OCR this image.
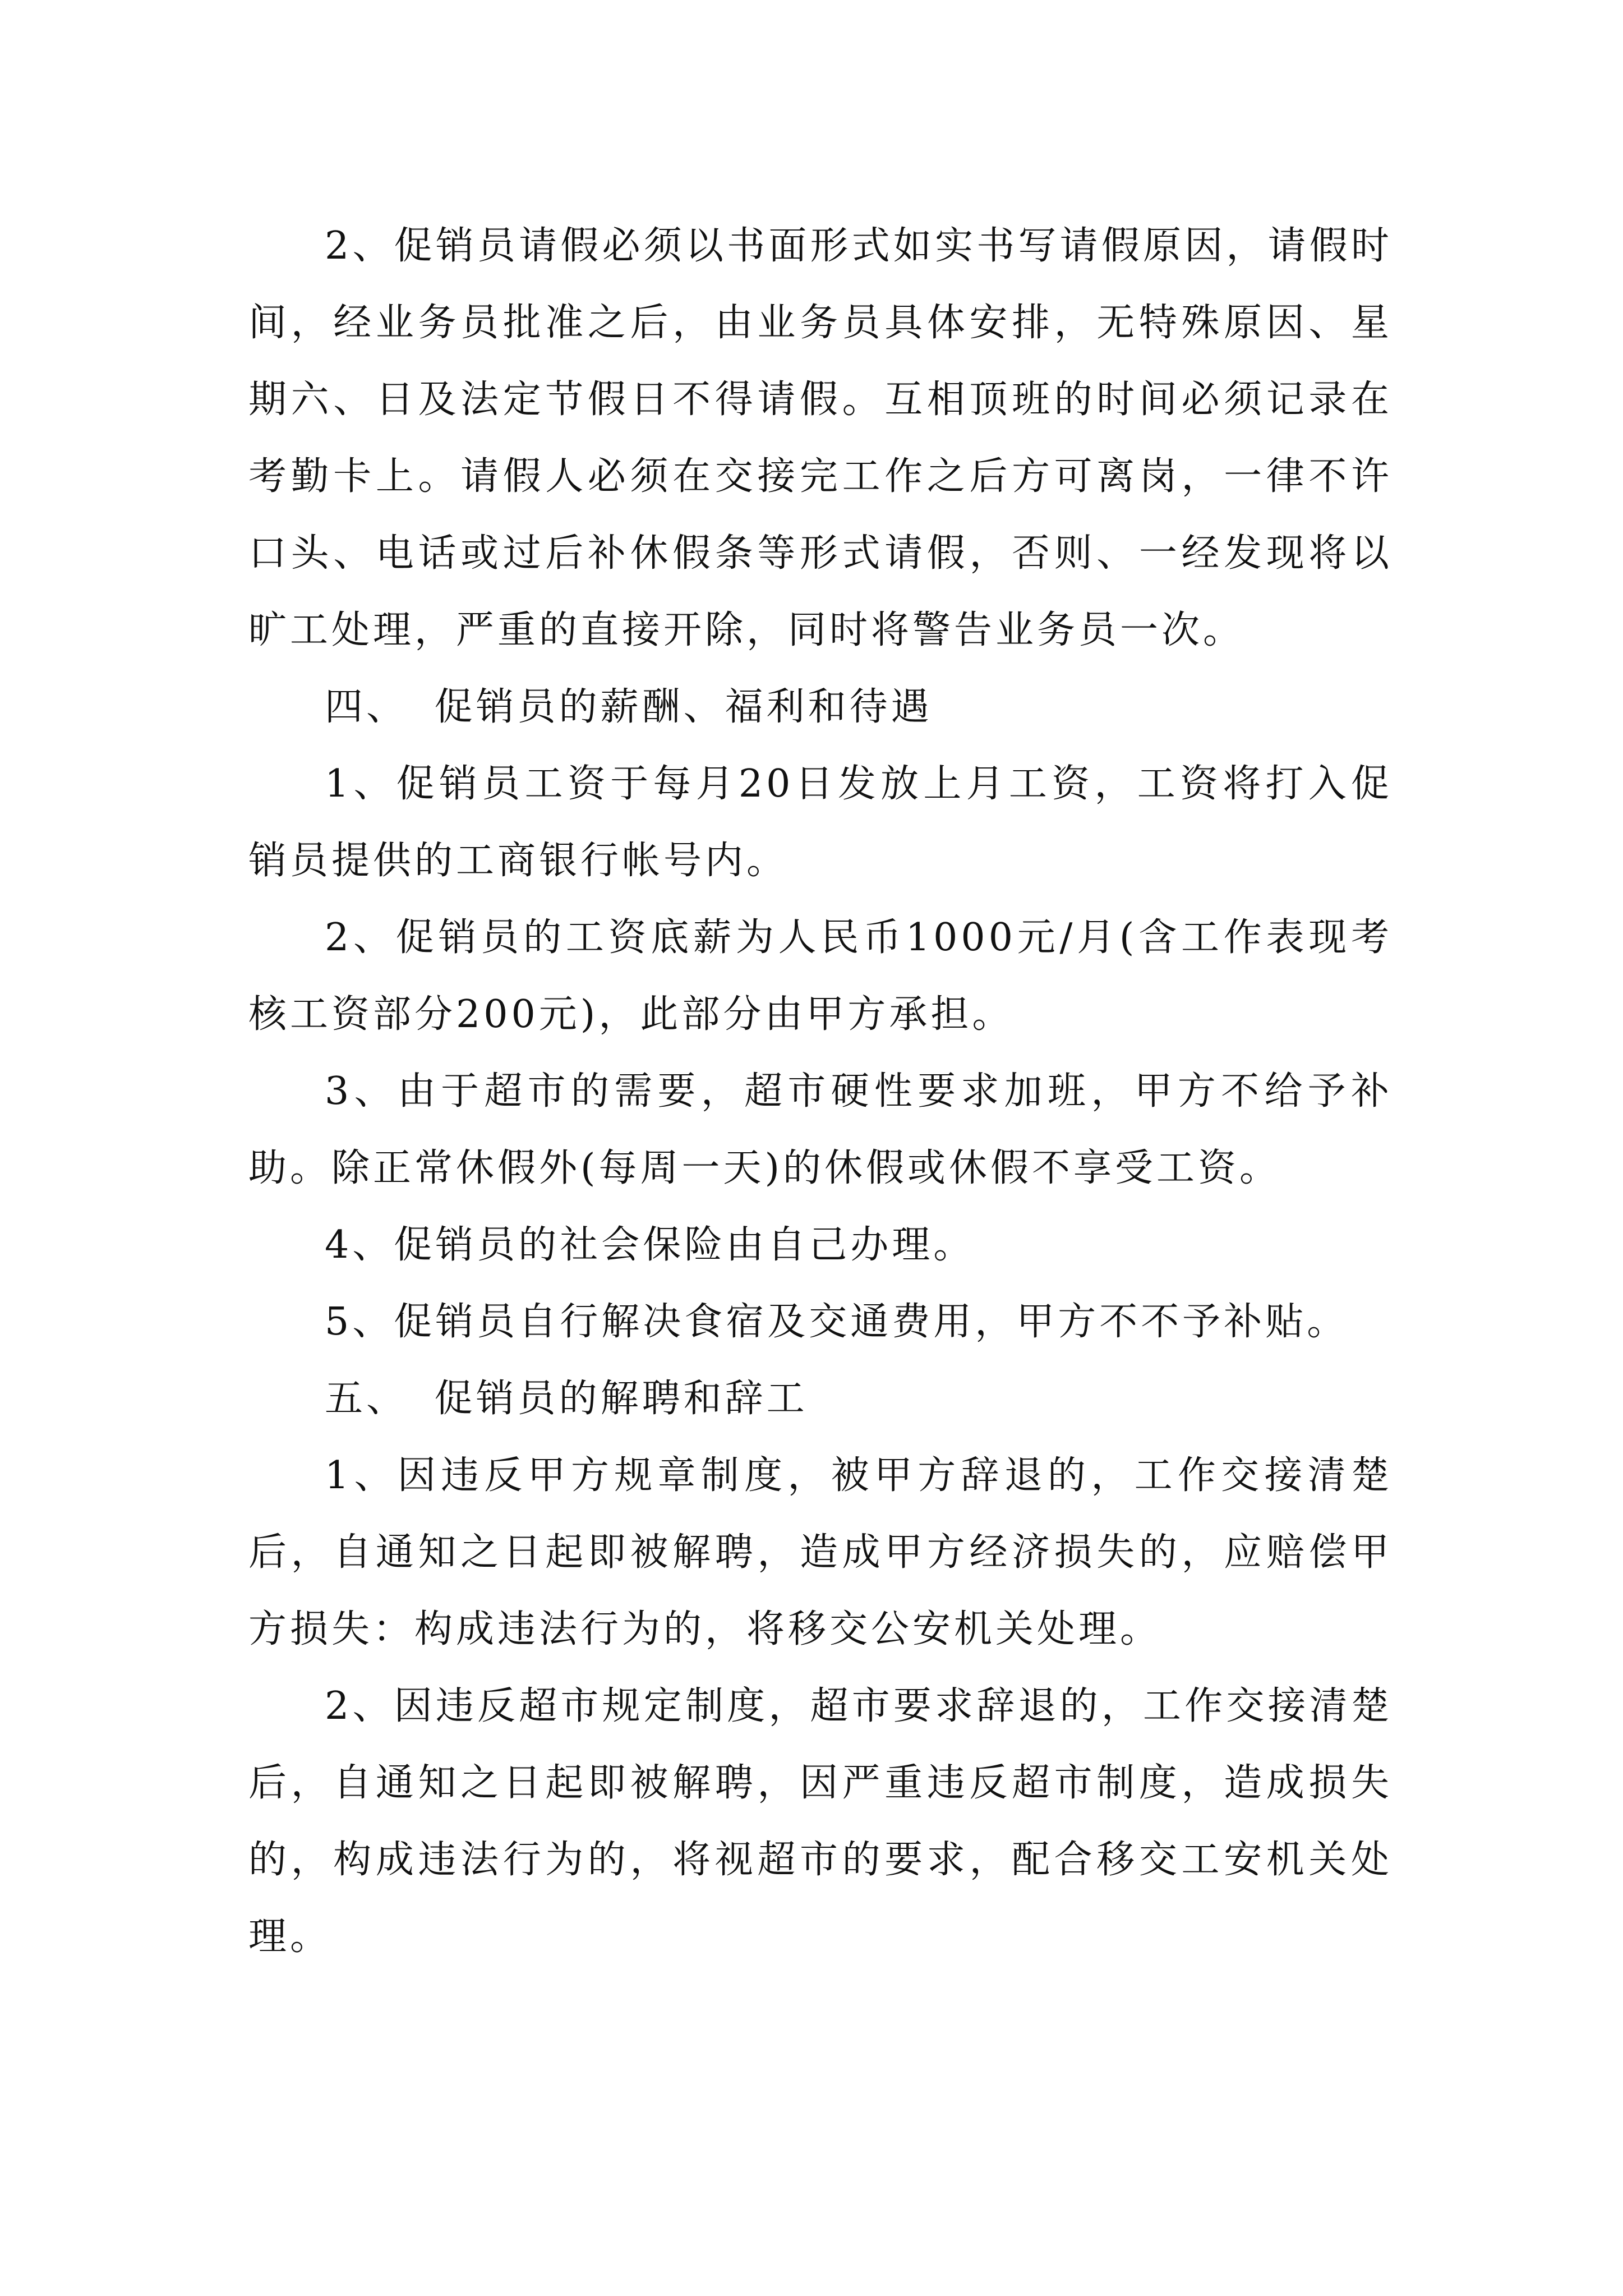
2、促销员请假必须以书面形式如实书写请假原因，请假时间，经业务员批准之后，由业务员具体安排，无特殊原因、星期六、日及法定节假日不得请假。互相顶班的时间必须记录在考勤卡上。请假人必须在交接完工作之后方可离岗，一律不许口头、电话或过后补休假条等形式请假，否则、一经发现将以旷工处理，严重的直接开除，同时将警告业务员一次。

四、 促销员的薪酬、福利和待遇

1、促销员工资于每月20日发放上月工资，工资将打入促销员提供的工商银行帐号内。

2、促销员的工资底薪为人民币1000元/月(含工作表现考核工资部分200元)，此部分由甲方承担。

3、由于超市的需要，超市硬性要求加班，甲方不给予补助。除正常休假外(每周一天)的休假或休假不享受工资。

4、促销员的社会保险由自己办理。

5、促销员自行解决食宿及交通费用，甲方不不予补贴。

五、 促销员的解聘和辞工

1、因违反甲方规章制度，被甲方辞退的，工作交接清楚后，自通知之日起即被解聘，造成甲方经济损失的，应赔偿甲方损失：构成违法行为的，将移交公安机关处理。

2、因违反超市规定制度，超市要求辞退的，工作交接清楚后，自通知之日起即被解聘，因严重违反超市制度，造成损失的，构成违法行为的，将视超市的要求，配合移交工安机关处理。
